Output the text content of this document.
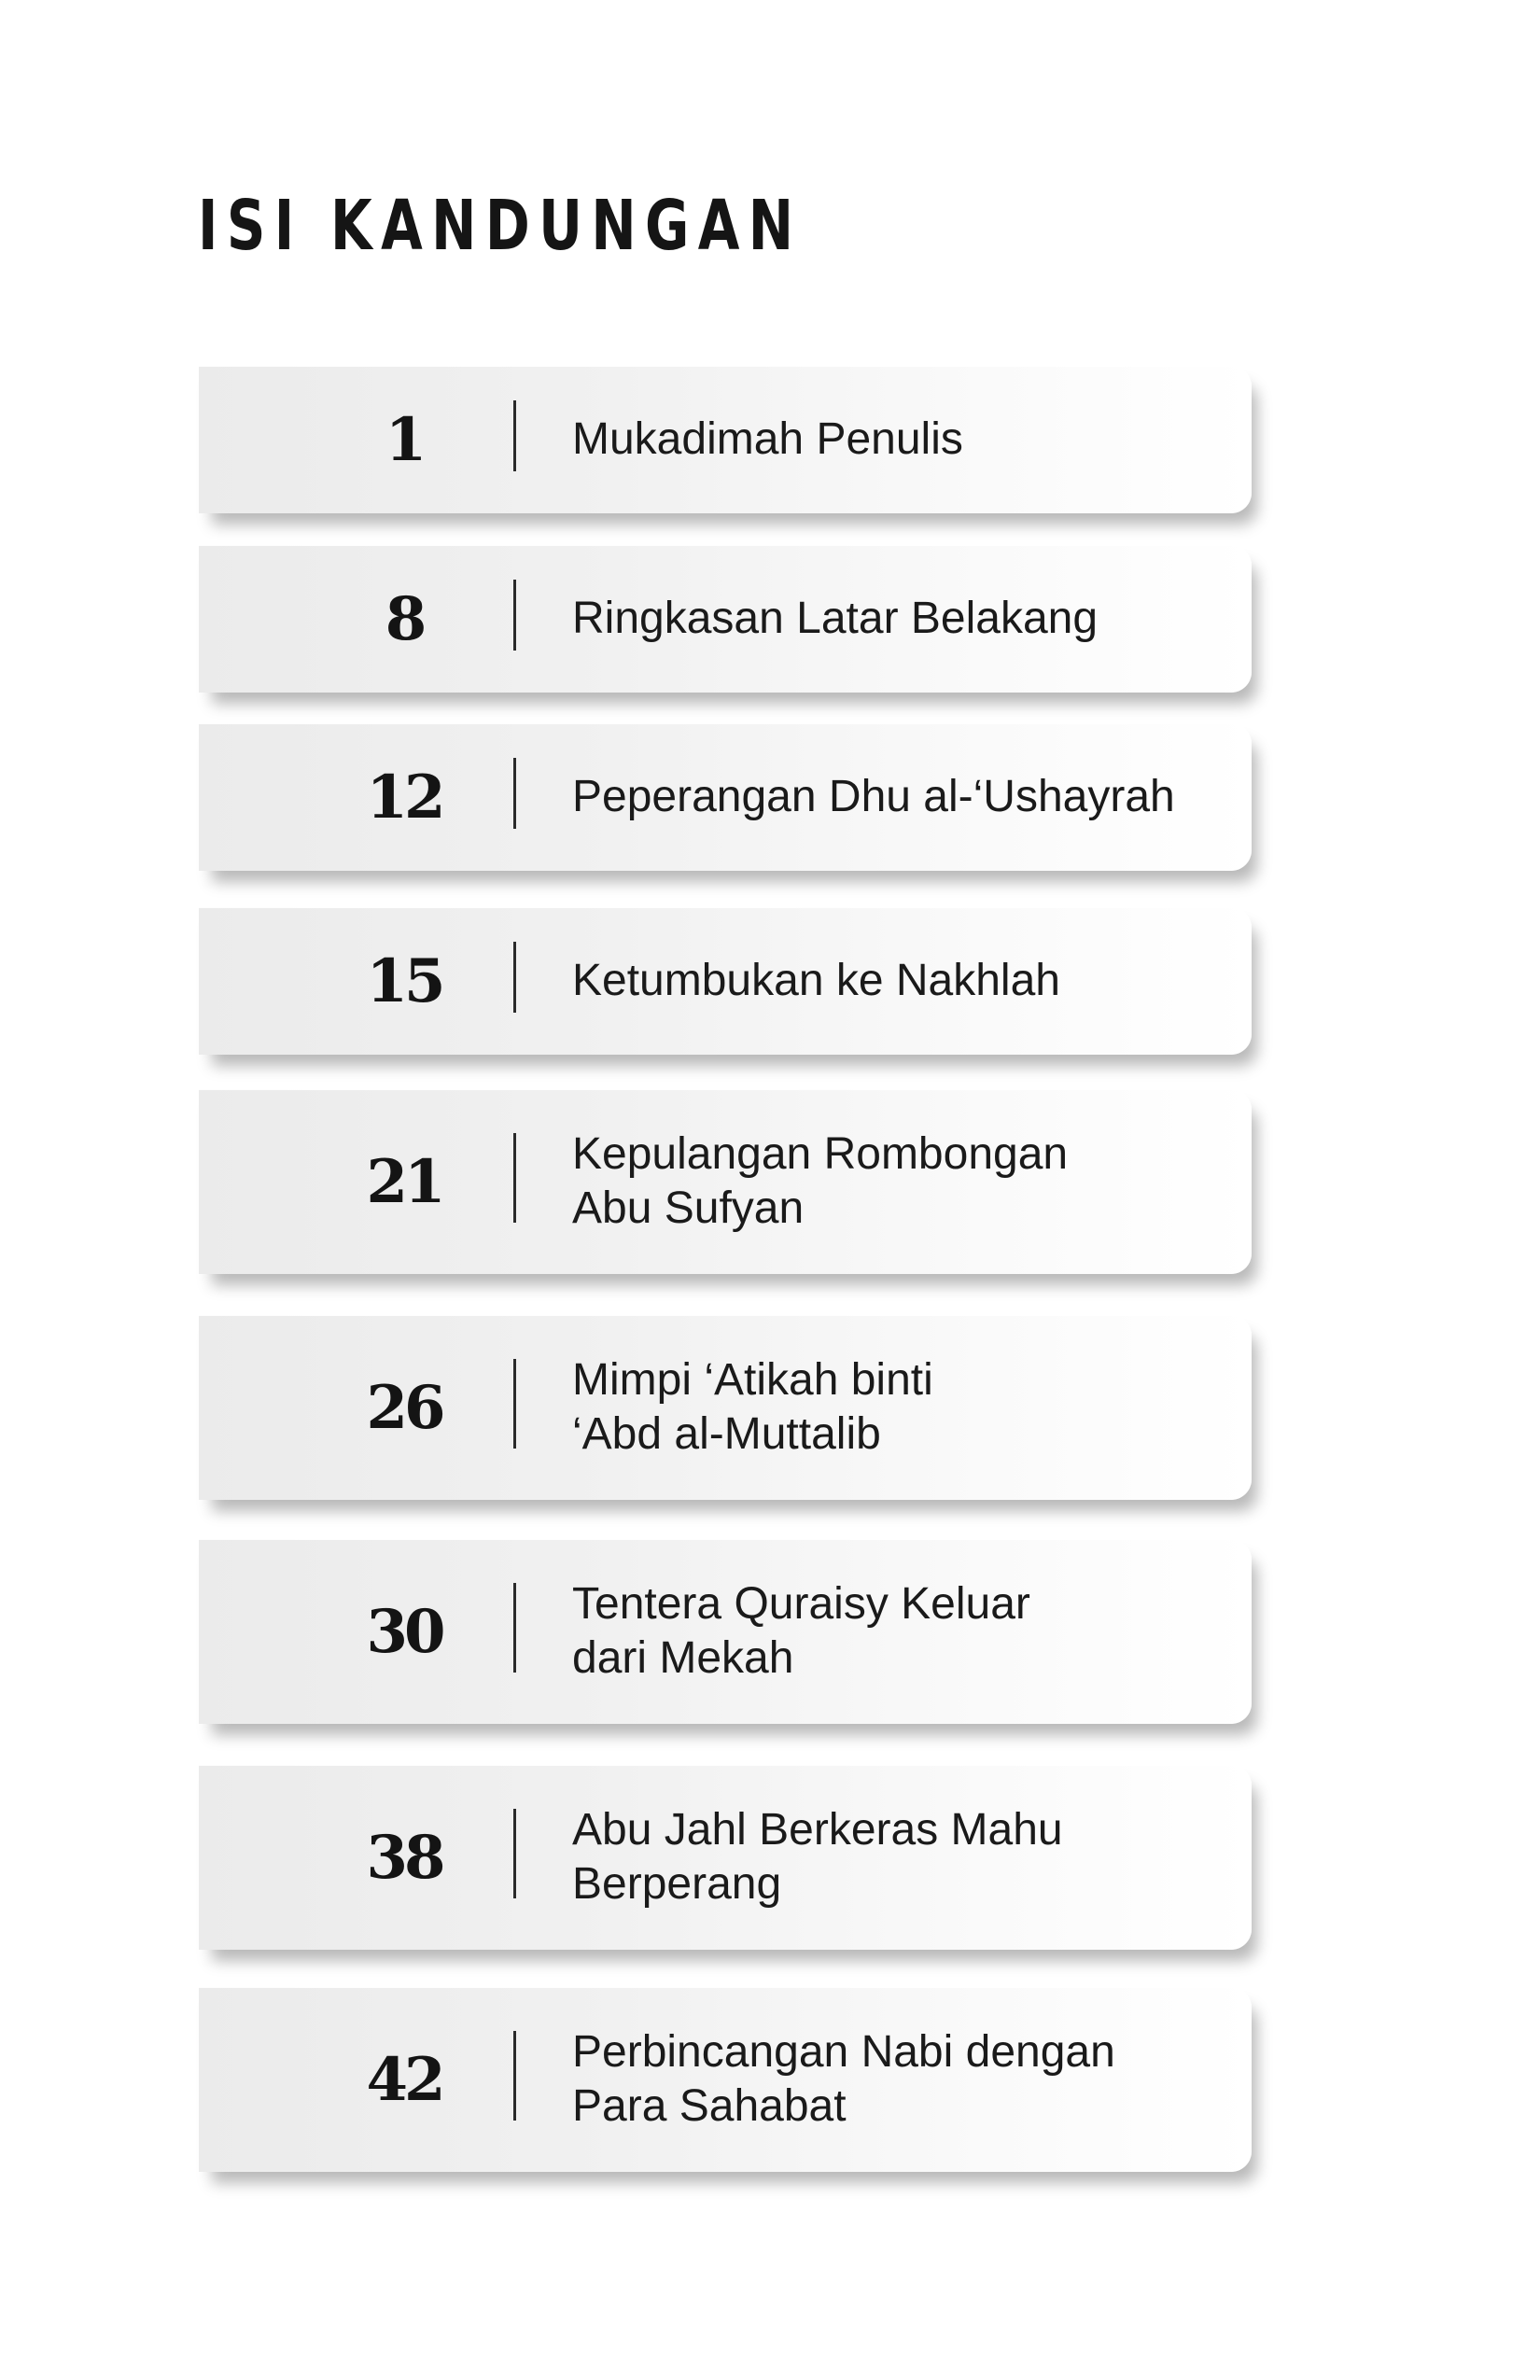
ISI KANDUNGAN
1	Mukadimah Penulis
8	Ringkasan Latar Belakang
12	Peperangan Dhu al-‘Ushayrah
15	Ketumbukan ke Nakhlah
21	Kepulangan Rombongan
Abu Sufyan
26	Mimpi ‘Atikah binti
‘Abd al-Muttalib
30	Tentera Quraisy Keluar
dari Mekah
38	Abu Jahl Berkeras Mahu
Berperang
42	Perbincangan Nabi dengan
Para Sahabat
